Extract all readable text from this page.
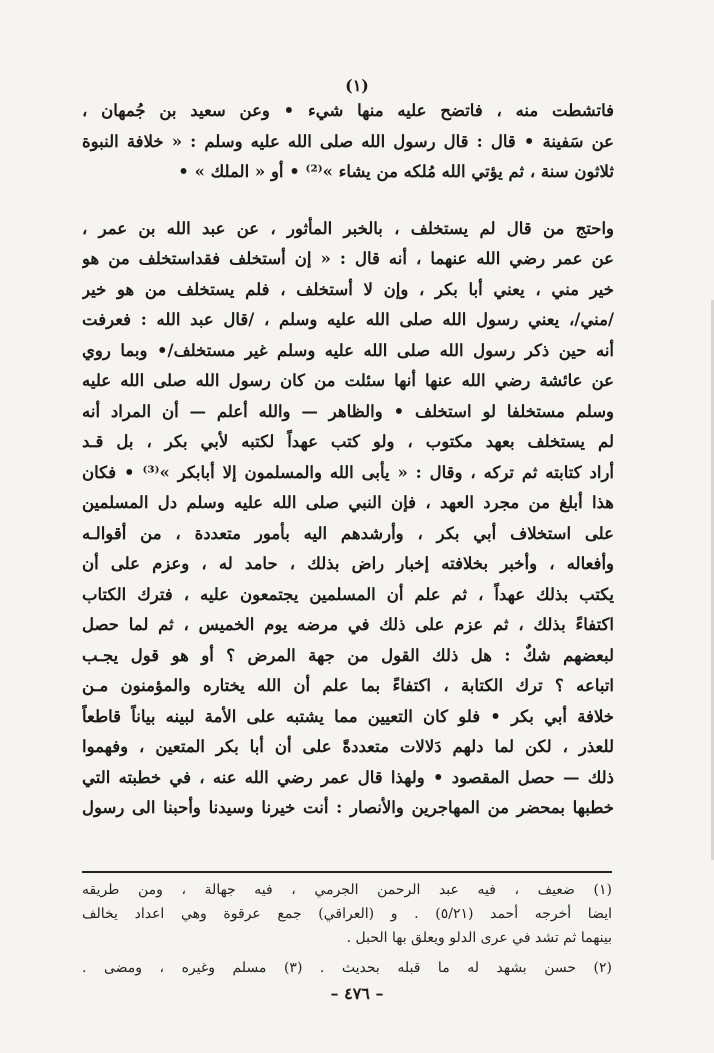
(١)
فاتشطت منه ، فاتضح عليه منها شيء • وعن سعيد بن جُمهان ،
عن سَفينة • قال : قال رسول الله صلى الله عليه وسلم : « خلافة النبوة
ثلاثون سنة ، ثم يؤتي الله مُلكه من يشاء »⁽²⁾ • أو « الملك » •
واحتج من قال لم يستخلف ، بالخبر المأثور ، عن عبد الله بن عمر ،
عن عمر رضي الله عنهما ، أنه قال : « إن أستخلف فقداستخلف من هو
خير مني ، يعني أبا بكر ، وإن لا أستخلف ، فلم يستخلف من هو خير
/مني/، يعني رسول الله صلى الله عليه وسلم ، /قال عبد الله : فعرفت
أنه حين ذكر رسول الله صلى الله عليه وسلم غير مستخلف/• وبما روي
عن عائشة رضي الله عنها أنها سئلت من كان رسول الله صلى الله عليه
وسلم مستخلفا لو استخلف • والظاهر — والله أعلم — أن المراد أنه
لم يستخلف بعهد مكتوب ، ولو كتب عهداً لكتبه لأبي بكر ، بل قـد
أراد كتابته ثم تركه ، وقال : « يأبى الله والمسلمون إلا أبابكر »⁽³⁾ • فكان
هذا أبلغ من مجرد العهد ، فإن النبي صلى الله عليه وسلم دل المسلمين
على استخلاف أبي بكر ، وأرشدهم اليه بأمور متعددة ، من أقوالـه
وأفعاله ، وأخبر بخلافته إخبار راض بذلك ، حامد له ، وعزم على أن
يكتب بذلك عهداً ، ثم علم أن المسلمين يجتمعون عليه ، فترك الكتاب
اكتفاءً بذلك ، ثم عزم على ذلك في مرضه يوم الخميس ، ثم لما حصل
لبعضهم شكٌ : هل ذلك القول من جهة المرض ؟ أو هو قول يجـب
اتباعه ؟ ترك الكتابة ، اكتفاءً بما علم أن الله يختاره والمؤمنون مـن
خلافة أبي بكر • فلو كان التعيين مما يشتبه على الأمة لبينه بياناً قاطعاً
للعذر ، لكن لما دلهم دَلالات متعددةً على أن أبا بكر المتعين ، وفهموا
ذلك — حصل المقصود • ولهذا قال عمر رضي الله عنه ، في خطبته التي
خطبها بمحضر من المهاجرين والأنصار : أنت خيرنا وسيدنا وأحبنا الى رسول
(١) ضعيف ، فيه عبد الرحمن الجرمي ، فيه جهالة ، ومن طريقه
ايضا أخرجه أحمد (٥/٢١) . و (العراقي) جمع عرقوة وهي اعداد يخالف
بينهما ثم تشد في عرى الدلو ويعلق بها الحبل .
(٢) حسن بشهد له ما قبله بحديث . (٣) مسلم وغيره ، ومضى .
– ٤٧٦ –
